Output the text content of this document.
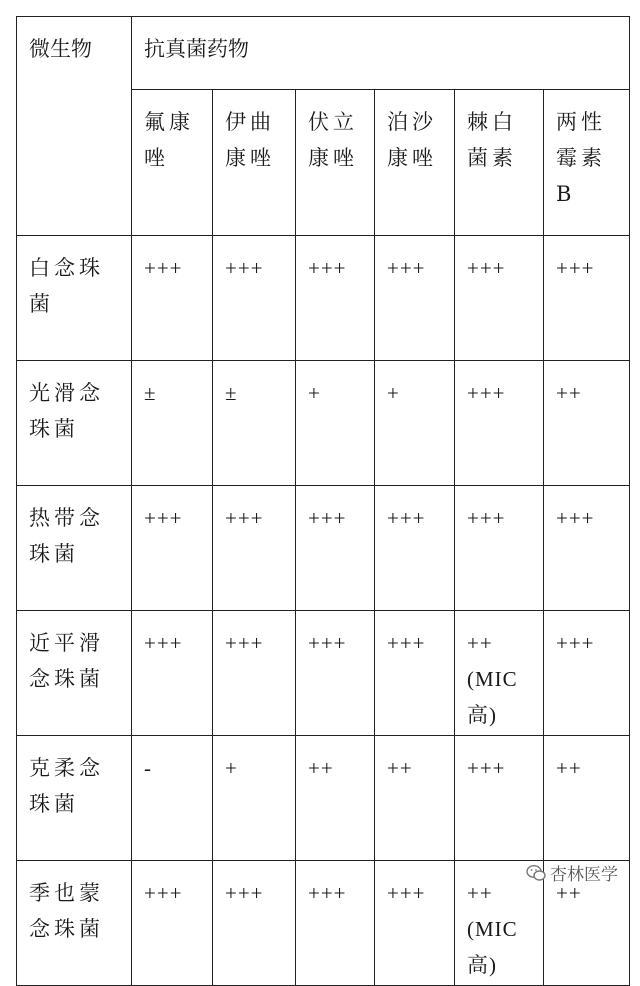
微生物	抗真菌药物					
	氟康唑	伊曲康唑	伏立康唑	泊沙康唑	棘白菌素	两性霉素B
白念珠菌	+++	+++	+++	+++	+++	+++
光滑念珠菌	±	±	+	+	+++	++
热带念珠菌	+++	+++	+++	+++	+++	+++
近平滑念珠菌	+++	+++	+++	+++	++(MIC高)	+++
克柔念珠菌	-	+	++	++	+++	++
季也蒙念珠菌	+++	+++	+++	+++	++(MIC高)	++
杏林医学
